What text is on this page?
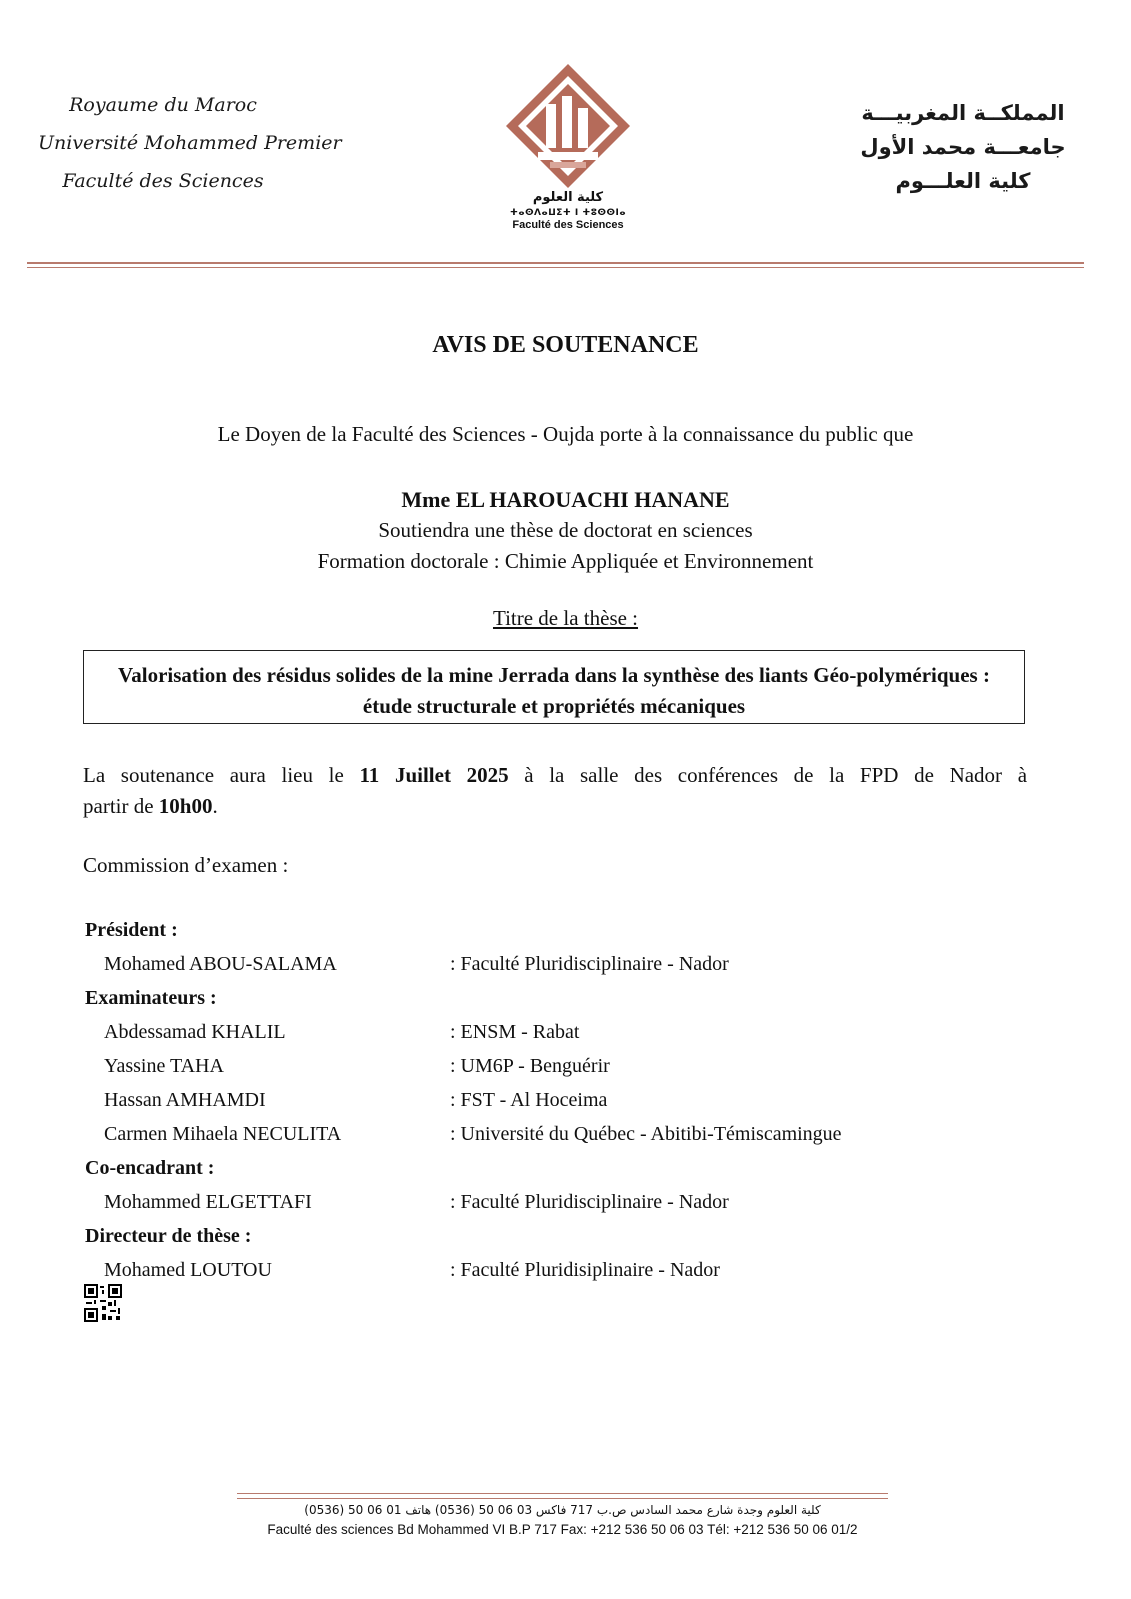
Royaume du Maroc
Université Mohammed Premier
Faculté des Sciences
كلية العلوم
ⵜⴰⵙⴷⴰⵡⵉⵜ ⵏ ⵜⵓⵙⵙⵏⴰ
Faculté des Sciences
المملكــة المغربيـــة
جامعـــة محمد الأول
كلية العلـــوم
AVIS DE SOUTENANCE
Le Doyen de la Faculté des Sciences - Oujda porte à la connaissance du public que
Mme EL HAROUACHI HANANE
Soutiendra une thèse de doctorat en sciences
Formation doctorale : Chimie Appliquée et Environnement
Titre de la thèse :
Valorisation des résidus solides de la mine Jerrada dans la synthèse des liants Géo-polymériques : étude structurale et propriétés mécaniques
La soutenance aura lieu le 11 Juillet 2025 à la salle des conférences de la FPD de Nador à
partir de 10h00.
Commission d’examen :
Président :
Mohamed ABOU-SALAMA	: Faculté Pluridisciplinaire - Nador
Examinateurs :
Abdessamad KHALIL	: ENSM - Rabat
Yassine TAHA	: UM6P - Benguérir
Hassan AMHAMDI	: FST - Al Hoceima
Carmen Mihaela NECULITA	: Université du Québec - Abitibi-Témiscamingue
Co-encadrant :
Mohammed ELGETTAFI	: Faculté Pluridisciplinaire - Nador
Directeur de thèse :
Mohamed LOUTOU	: Faculté Pluridisiplinaire - Nador
كلية العلوم وجدة شارع محمد السادس ص.ب 717 فاكس 03 06 50 (0536) هاتف 01 06 50 (0536)
Faculté des sciences Bd Mohammed VI B.P 717 Fax: +212 536 50 06 03 Tél: +212 536 50 06 01/2
